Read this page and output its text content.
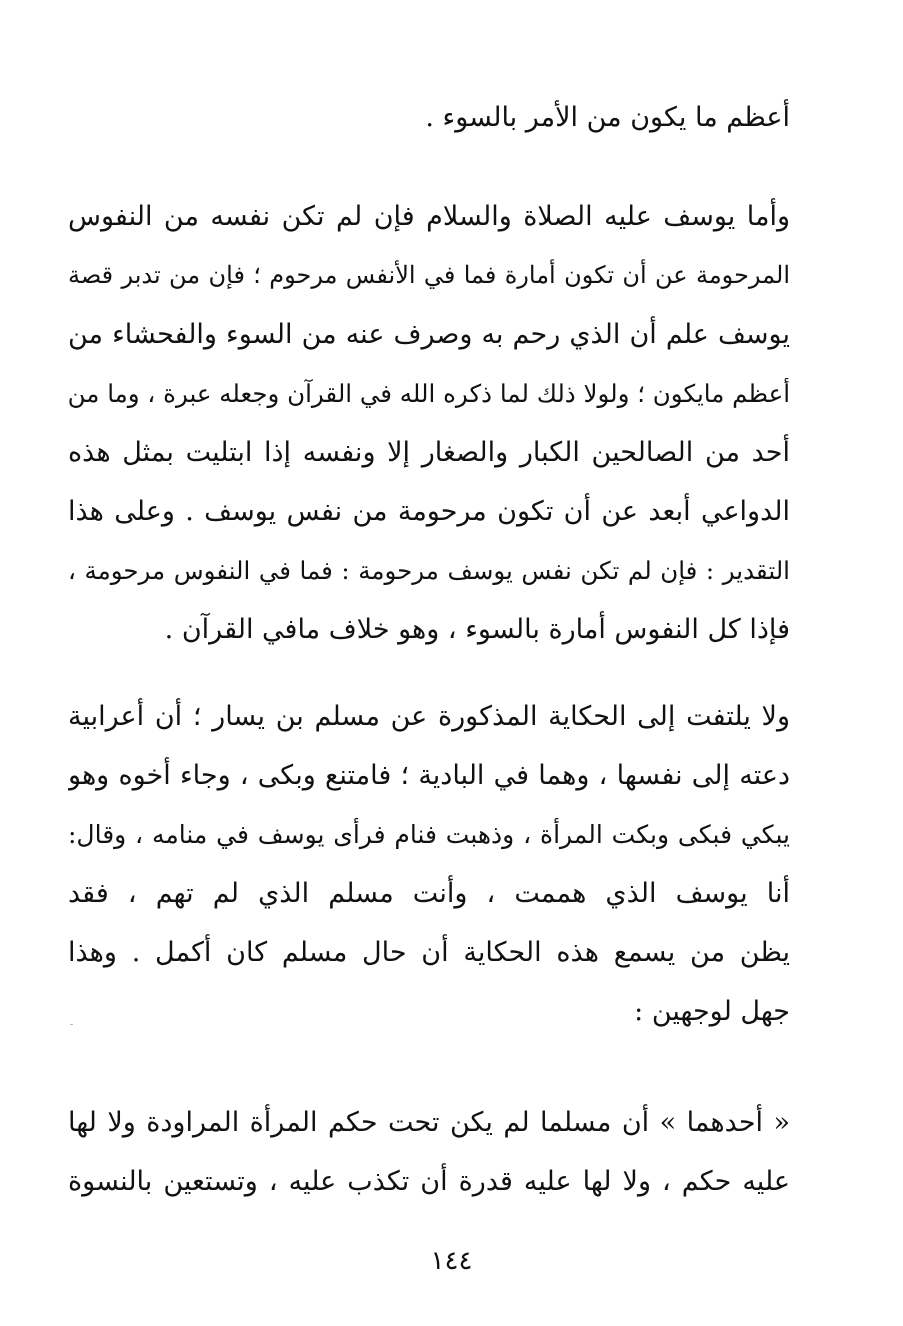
أعظم ما يكون من الأمر بالسوء .
وأما يوسف عليه الصلاة والسلام فإن لم تكن نفسه من النفوس
المرحومة عن أن تكون أمارة فما في الأنفس مرحوم ؛ فإن من تدبر قصة
يوسف علم أن الذي رحم به وصرف عنه من السوء والفحشاء من
أعظم مايكون ؛ ولولا ذلك لما ذكره الله في القرآن وجعله عبرة ، وما من
أحد من الصالحين الكبار والصغار إلا ونفسه إذا ابتليت بمثل هذه
الدواعي أبعد عن أن تكون مرحومة من نفس يوسف . وعلى هذا
التقدير : فإن لم تكن نفس يوسف مرحومة : فما في النفوس مرحومة ،
فإذا كل النفوس أمارة بالسوء ، وهو خلاف مافي القرآن .
ولا يلتفت إلى الحكاية المذكورة عن مسلم بن يسار ؛ أن أعرابية
دعته إلى نفسها ، وهما في البادية ؛ فامتنع وبكى ، وجاء أخوه وهو
يبكي فبكى وبكت المرأة ، وذهبت فنام فرأى يوسف في منامه ، وقال:
أنا يوسف الذي هممت ، وأنت مسلم الذي لم تهم ، فقد
يظن من يسمع هذه الحكاية أن حال مسلم كان أكمل . وهذا
جهل لوجهين :
« أحدهما » أن مسلما لم يكن تحت حكم المرأة المراودة ولا لها
عليه حكم ، ولا لها عليه قدرة أن تكذب عليه ، وتستعين بالنسوة
١٤٤
